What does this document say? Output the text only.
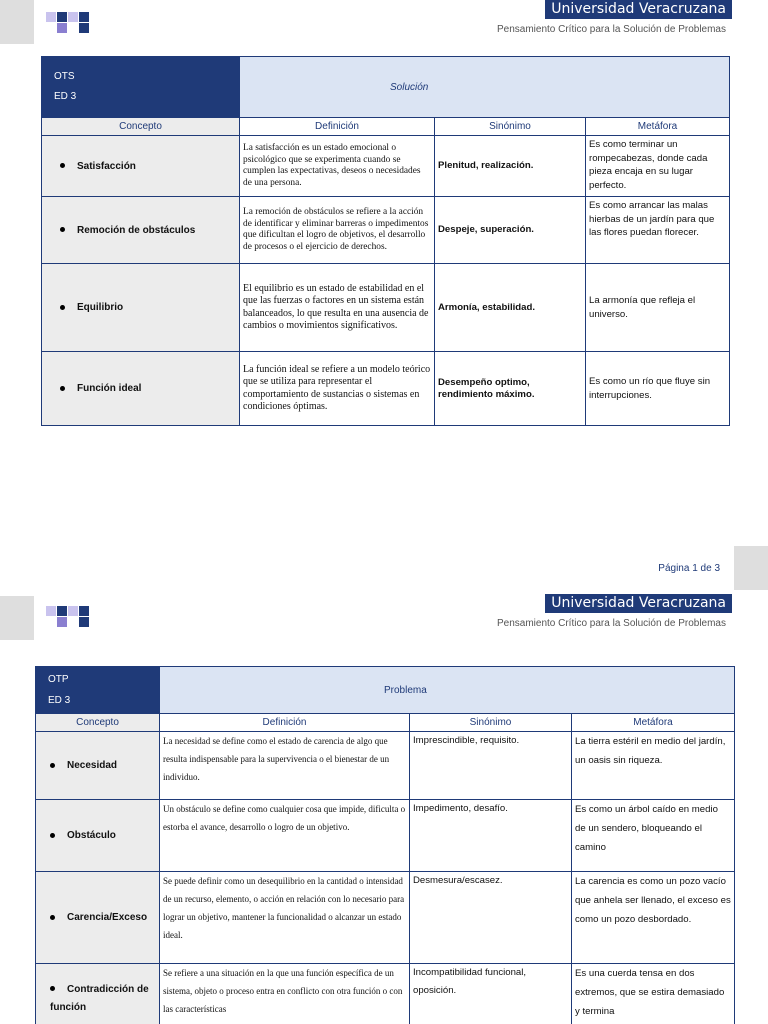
Universidad Veracruzana
Pensamiento Crítico para la Solución de Problemas
OTS
ED 3	Solución		
Concepto	Definición	Sinónimo	Metáfora
Satisfacción	La satisfacción es un estado emocional o psicológico que se experimenta cuando se cumplen las expectativas, deseos o necesidades de una persona.	Plenitud, realización.	Es como terminar un rompecabezas, donde cada pieza encaja en su lugar perfecto.
Remoción de obstáculos	La remoción de obstáculos se refiere a la acción de identificar y eliminar barreras o impedimentos que dificultan el logro de objetivos, el desarrollo de procesos o el ejercicio de derechos.	Despeje, superación.	Es como arrancar las malas hierbas de un jardín para que las flores puedan florecer.
Equilibrio	El equilibrio es un estado de estabilidad en el que las fuerzas o factores en un sistema están balanceados, lo que resulta en una ausencia de cambios o movimientos significativos.	Armonía, estabilidad.	La armonía que refleja el universo.
Función ideal	La función ideal se refiere a un modelo teórico que se utiliza para representar el comportamiento de sustancias o sistemas en condiciones óptimas.	Desempeño optimo, rendimiento máximo.	Es como un río que fluye sin interrupciones.
Página 1 de 3
Universidad Veracruzana
Pensamiento Crítico para la Solución de Problemas
OTP
ED 3	Problema		
Concepto	Definición	Sinónimo	Metáfora
Necesidad	La necesidad se define como el estado de carencia de algo que resulta indispensable para la supervivencia o el bienestar de un individuo.	Imprescindible, requisito.	La tierra estéril en medio del jardín, un oasis sin riqueza.
Obstáculo	Un obstáculo se define como cualquier cosa que impide, dificulta o estorba el avance, desarrollo o logro de un objetivo.	Impedimento, desafío.	Es como un árbol caído en medio de un sendero, bloqueando el camino
Carencia/Exceso	Se puede definir como un desequilibrio en la cantidad o intensidad de un recurso, elemento, o acción en relación con lo necesario para lograr un objetivo, mantener la funcionalidad o alcanzar un estado ideal.	Desmesura/escasez.	La carencia es como un pozo vacío que anhela ser llenado, el exceso es como un pozo desbordado.
Contradicción de función	Se refiere a una situación en la que una función específica de un sistema, objeto o proceso entra en conflicto con otra función o con las características	Incompatibilidad funcional, oposición.	Es una cuerda tensa en dos extremos, que se estira demasiado y termina
